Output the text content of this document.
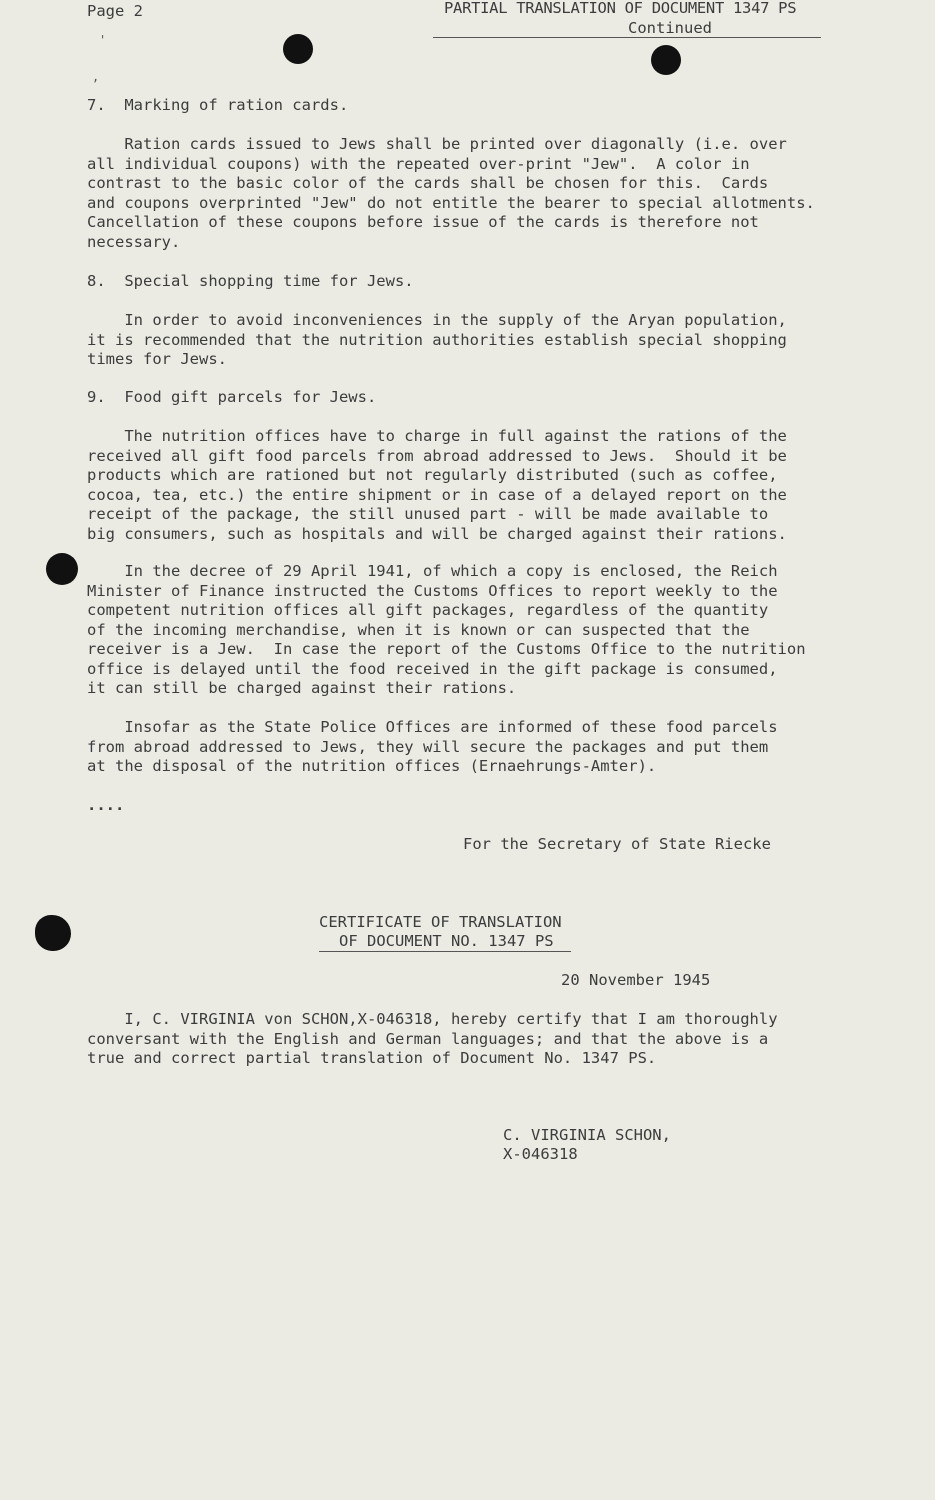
'
,
Page 2	PARTIAL TRANSLATION OF DOCUMENT 1347 PS
Continued
7.  Marking of ration cards.
Ration cards issued to Jews shall be printed over diagonally (i.e. over
all individual coupons) with the repeated over-print "Jew".  A color in
contrast to the basic color of the cards shall be chosen for this.  Cards
and coupons overprinted "Jew" do not entitle the bearer to special allotments.
Cancellation of these coupons before issue of the cards is therefore not
necessary.
8.  Special shopping time for Jews.
In order to avoid inconveniences in the supply of the Aryan population,
it is recommended that the nutrition authorities establish special shopping
times for Jews.
9.  Food gift parcels for Jews.
The nutrition offices have to charge in full against the rations of the
received all gift food parcels from abroad addressed to Jews.  Should it be
products which are rationed but not regularly distributed (such as coffee,
cocoa, tea, etc.) the entire shipment or in case of a delayed report on the
receipt of the package, the still unused part - will be made available to
big consumers, such as hospitals and will be charged against their rations.
In the decree of 29 April 1941, of which a copy is enclosed, the Reich
Minister of Finance instructed the Customs Offices to report weekly to the
competent nutrition offices all gift packages, regardless of the quantity
of the incoming merchandise, when it is known or can suspected that the
receiver is a Jew.  In case the report of the Customs Office to the nutrition
office is delayed until the food received in the gift package is consumed,
it can still be charged against their rations.
Insofar as the State Police Offices are informed of these food parcels
from abroad addressed to Jews, they will secure the packages and put them
at the disposal of the nutrition offices (Ernaehrungs-Amter).
....
For the Secretary of State Riecke
CERTIFICATE OF TRANSLATION
OF DOCUMENT NO. 1347 PS
20 November 1945
I, C. VIRGINIA von SCHON,X-046318, hereby certify that I am thoroughly
conversant with the English and German languages; and that the above is a
true and correct partial translation of Document No. 1347 PS.
C. VIRGINIA SCHON,
X-046318
